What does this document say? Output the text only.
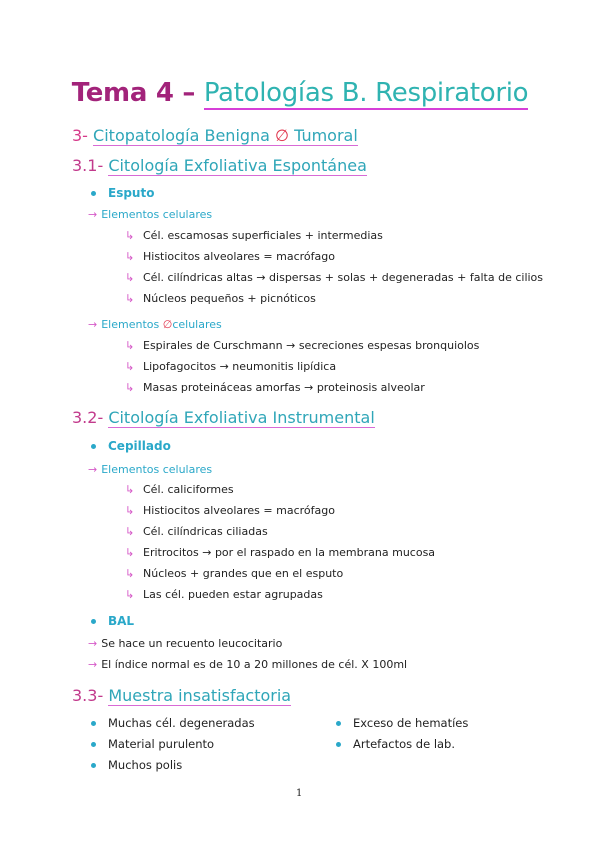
Tema 4 – Patologías B. Respiratorio
3- Citopatología Benigna ∅ Tumoral
3.1- Citología Exfoliativa Espontánea
Esputo
→ Elementos celulares
↳ Cél. escamosas superficiales + intermedias
↳ Histiocitos alveolares = macrófago
↳ Cél. cilíndricas altas → dispersas + solas + degeneradas + falta de cilios
↳ Núcleos pequeños + picnóticos
→ Elementos ∅celulares
↳ Espirales de Curschmann → secreciones espesas bronquiolos
↳ Lipofagocitos → neumonitis lipídica
↳ Masas proteináceas amorfas → proteinosis alveolar
3.2- Citología Exfoliativa Instrumental
Cepillado
→ Elementos celulares
↳ Cél. caliciformes
↳ Histiocitos alveolares = macrófago
↳ Cél. cilíndricas ciliadas
↳ Eritrocitos → por el raspado en la membrana mucosa
↳ Núcleos + grandes que en el esputo
↳ Las cél. pueden estar agrupadas
BAL
→ Se hace un recuento leucocitario
→ El índice normal es de 10 a 20 millones de cél. X 100ml
3.3- Muestra insatisfactoria
Muchas cél. degeneradas
Material purulento
Muchos polis
Exceso de hematíes
Artefactos de lab.
1
